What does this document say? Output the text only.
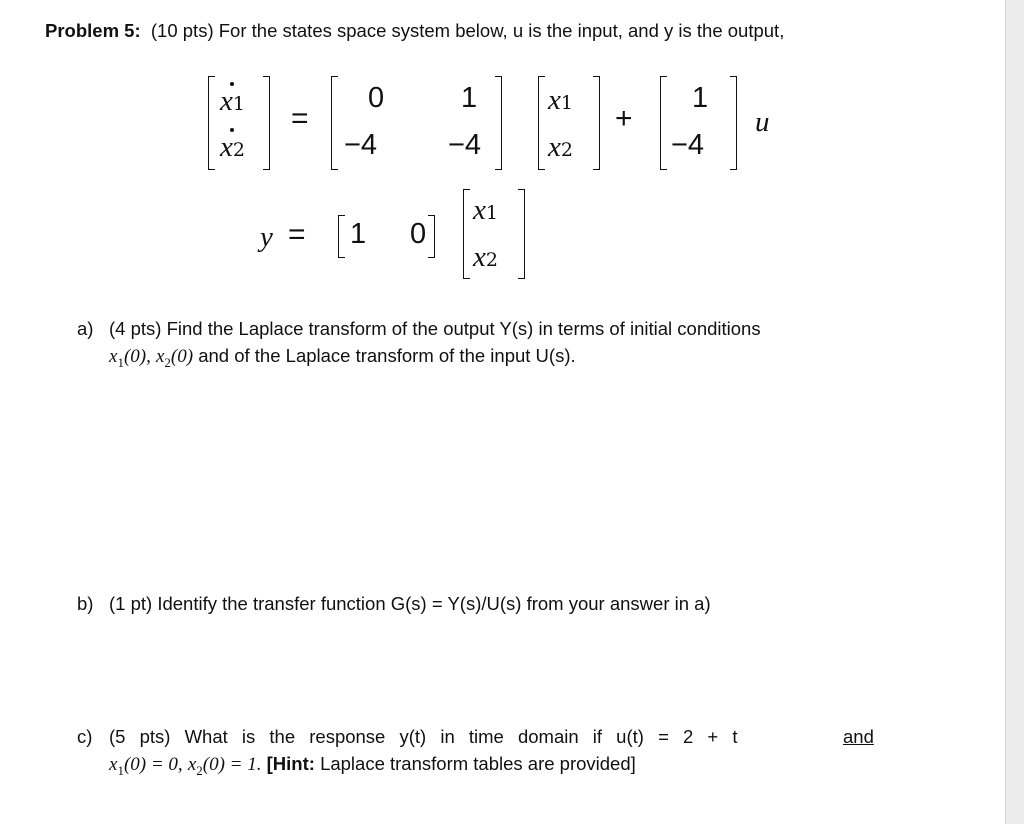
Problem 5: (10 pts) For the states space system below, u is the input, and y is the output,
x1
x2
=
0	1
−4 −4
x1
x2
+
1
−4
u
y = 1 0
x1
x2
a) (4 pts) Find the Laplace transform of the output Y(s) in terms of initial conditions
$x_1(0)$, $x_2(0)$ and of the Laplace transform of the input U(s).
b) (1 pt) Identify the transfer function G(s) = Y(s)/U(s) from your answer in a)
c) (5 pts) What is the response y(t) in time domain if u(t) = 2 + t	and
$x_1(0) = 0$, $x_2(0) = 1$. [Hint: Laplace transform tables are provided]
